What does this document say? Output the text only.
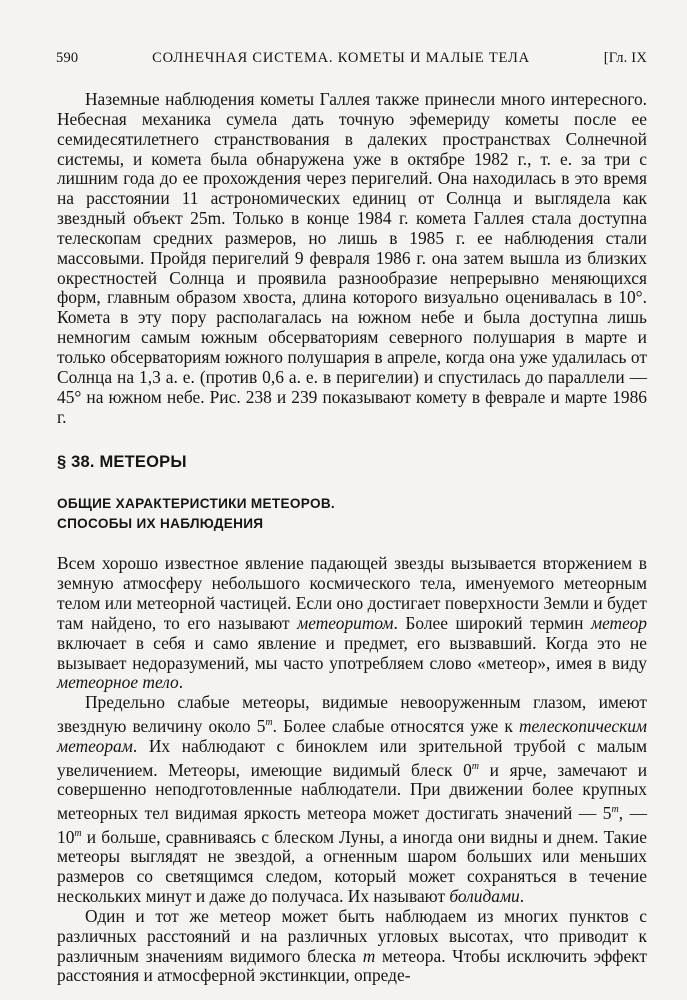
590	СОЛНЕЧНАЯ СИСТЕМА. КОМЕТЫ И МАЛЫЕ ТЕЛА	[Гл. IX

Наземные наблюдения кометы Галлея также принесли много интересного. Небесная механика сумела дать точную эфемериду кометы после ее семидесятилетнего странствования в далеких пространствах Солнечной системы, и комета была обнаружена уже в октябре 1982 г., т. е. за три с лишним года до ее прохождения через перигелий. Она находилась в это время на расстоянии 11 астрономических единиц от Солнца и выглядела как звездный объект 25m. Только в конце 1984 г. комета Галлея стала доступна телескопам средних размеров, но лишь в 1985 г. ее наблюдения стали массовыми. Пройдя перигелий 9 февраля 1986 г. она затем вышла из близких окрестностей Солнца и проявила разнообразие непрерывно меняющихся форм, главным образом хвоста, длина которого визуально оценивалась в 10°. Комета в эту пору располагалась на южном небе и была доступна лишь немногим самым южным обсерваториям северного полушария в марте и только обсерваториям южного полушария в апреле, когда она уже удалилась от Солнца на 1,3 а. е. (против 0,6 а. е. в перигелии) и спустилась до параллели —45° на южном небе. Рис. 238 и 239 показывают комету в феврале и марте 1986 г.

§ 38. МЕТЕОРЫ
ОБЩИЕ ХАРАКТЕРИСТИКИ МЕТЕОРОВ.
СПОСОБЫ ИХ НАБЛЮДЕНИЯ

Всем хорошо известное явление падающей звезды вызывается вторжением в земную атмосферу небольшого космического тела, именуемого метеорным телом или метеорной частицей. Если оно достигает поверхности Земли и будет там найдено, то его называют метеоритом. Более широкий термин метеор включает в себя и само явление и предмет, его вызвавший. Когда это не вызывает недоразумений, мы часто употребляем слово «метеор», имея в виду метеорное тело.

Предельно слабые метеоры, видимые невооруженным глазом, имеют звездную величину около 5$^m$. Более слабые относятся уже к телескопическим метеорам. Их наблюдают с биноклем или зрительной трубой с малым увеличением. Метеоры, имеющие видимый блеск 0$^m$ и ярче, замечают и совершенно неподготовленные наблюдатели. При движении более крупных метеорных тел видимая яркость метеора может достигать значений — 5$^m$, —10$^m$ и больше, сравниваясь с блеском Луны, а иногда они видны и днем. Такие метеоры выглядят не звездой, а огненным шаром больших или меньших размеров со светящимся следом, который может сохраняться в течение нескольких минут и даже до получаса. Их называют болидами.

Один и тот же метеор может быть наблюдаем из многих пунктов с различных расстояний и на различных угловых высотах, что приводит к различным значениям видимого блеска m метеора. Чтобы исключить эффект расстояния и атмосферной экстинкции, опреде-
